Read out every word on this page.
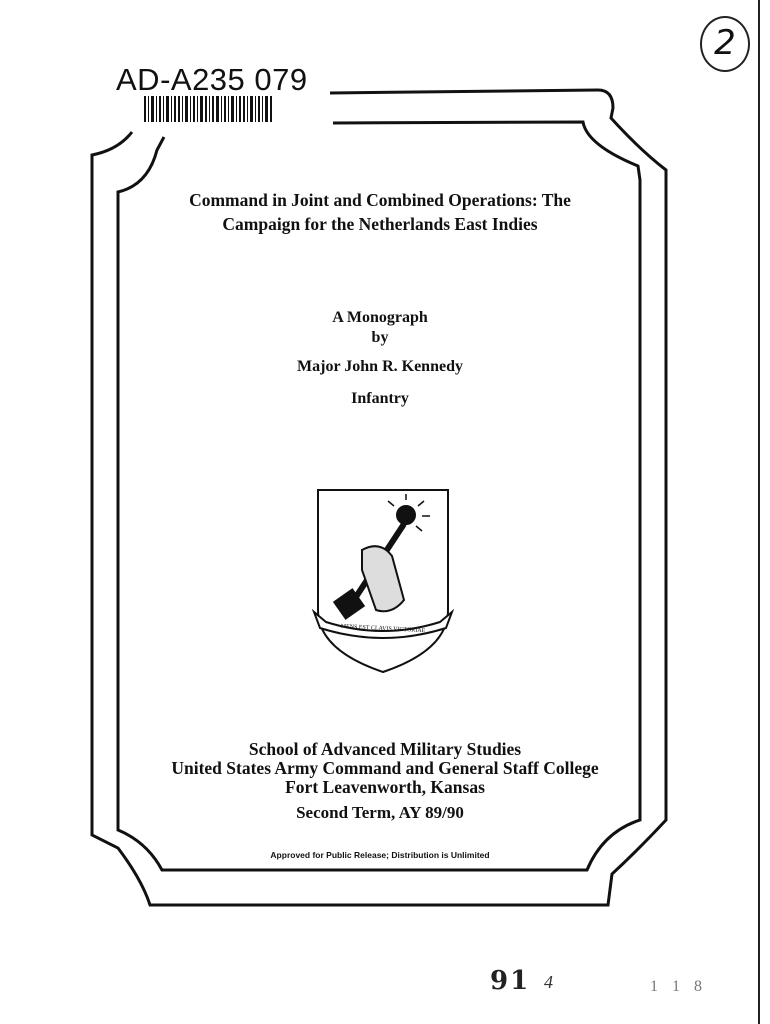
AD-A235 079
2
Command in Joint and Combined Operations: The
Campaign for the Netherlands East Indies
A Monograph
by
Major John R. Kennedy
Infantry
MENS EST CLAVIS VICTORIAE
School of Advanced Military Studies
United States Army Command and General Staff College
Fort Leavenworth, Kansas
Second Term, AY 89/90
Approved for Public Release; Distribution is Unlimited
91 4	1 1 8
